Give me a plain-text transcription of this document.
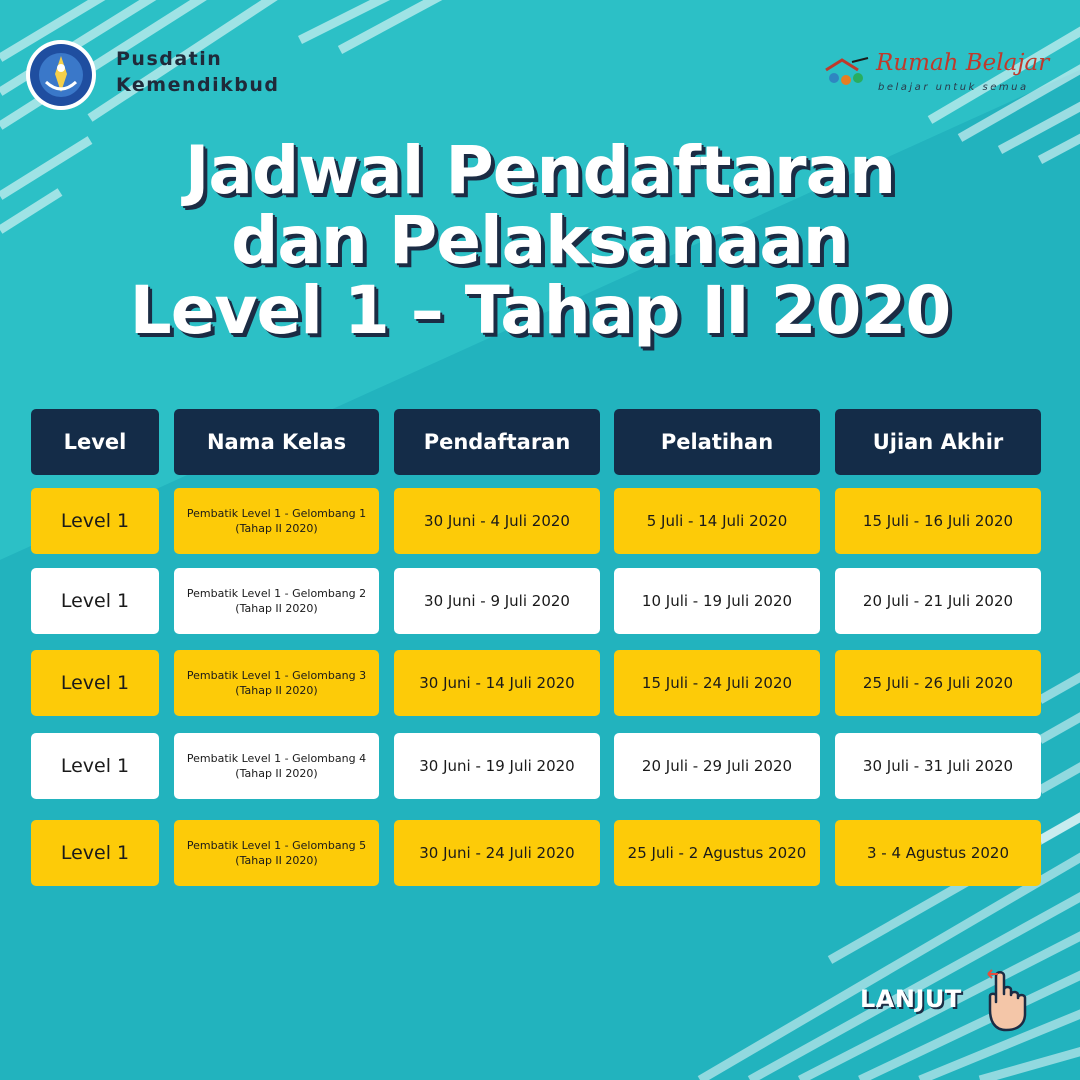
Pusdatin
Kemendikbud
Rumah Belajar
belajar untuk semua
Jadwal Pendaftaran
dan Pelaksanaan
Level 1 – Tahap II 2020
Level	Nama Kelas	Pendaftaran	Pelatihan	Ujian Akhir
Level 1	Pembatik Level 1 - Gelombang 1
(Tahap II 2020)	30 Juni - 4 Juli 2020	5 Juli - 14 Juli 2020	15 Juli - 16 Juli 2020
Level 1	Pembatik Level 1 - Gelombang 2
(Tahap II 2020)	30 Juni - 9 Juli 2020	10 Juli - 19 Juli 2020	20 Juli - 21 Juli 2020
Level 1	Pembatik Level 1 - Gelombang 3
(Tahap II 2020)	30 Juni - 14 Juli 2020	15 Juli - 24 Juli 2020	25 Juli - 26 Juli 2020
Level 1	Pembatik Level 1 - Gelombang 4
(Tahap II 2020)	30 Juni - 19 Juli 2020	20 Juli - 29 Juli 2020	30 Juli - 31 Juli 2020
Level 1	Pembatik Level 1 - Gelombang 5
(Tahap II 2020)	30 Juni - 24 Juli 2020	25 Juli - 2 Agustus 2020	3 - 4 Agustus 2020
LANJUT
